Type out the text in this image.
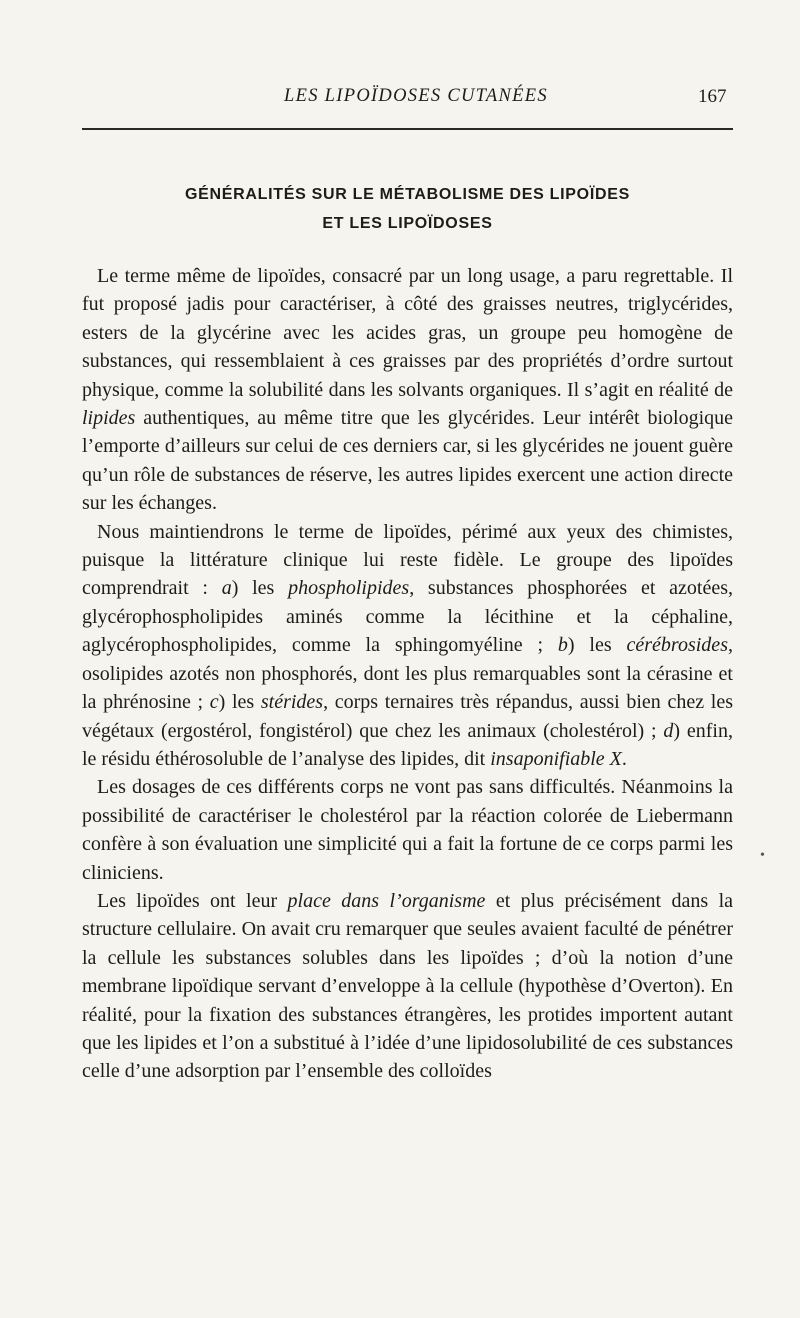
LES LIPOÏDOSES CUTANÉES	167
GÉNÉRALITÉS SUR LE MÉTABOLISME DES LIPOÏDES
ET LES LIPOÏDOSES

Le terme même de lipoïdes, consacré par un long usage, a paru regrettable. Il fut proposé jadis pour caractériser, à côté des graisses neutres, triglycérides, esters de la glycérine avec les acides gras, un groupe peu homogène de substances, qui ressemblaient à ces graisses par des propriétés d’ordre surtout physique, comme la solubilité dans les solvants organiques. Il s’agit en réalité de lipides authentiques, au même titre que les glycérides. Leur intérêt biologique l’emporte d’ailleurs sur celui de ces derniers car, si les glycérides ne jouent guère qu’un rôle de substances de réserve, les autres lipides exercent une action directe sur les échanges.

Nous maintiendrons le terme de lipoïdes, périmé aux yeux des chimistes, puisque la littérature clinique lui reste fidèle. Le groupe des lipoïdes comprendrait : a) les phospholipides, substances phosphorées et azotées, glycérophospholipides aminés comme la lécithine et la céphaline, aglycérophospholipides, comme la sphingomyéline ; b) les cérébrosides, osolipides azotés non phosphorés, dont les plus remarquables sont la cérasine et la phrénosine ; c) les stérides, corps ternaires très répandus, aussi bien chez les végétaux (ergostérol, fongistérol) que chez les animaux (cholestérol) ; d) enfin, le résidu éthérosoluble de l’analyse des lipides, dit insaponifiable X.

Les dosages de ces différents corps ne vont pas sans difficultés. Néanmoins la possibilité de caractériser le cholestérol par la réaction colorée de Liebermann confère à son évaluation une simplicité qui a fait la fortune de ce corps parmi les cliniciens.

Les lipoïdes ont leur place dans l’organisme et plus précisément dans la structure cellulaire. On avait cru remarquer que seules avaient faculté de pénétrer la cellule les substances solubles dans les lipoïdes ; d’où la notion d’une membrane lipoïdique servant d’enveloppe à la cellule (hypothèse d’Overton). En réalité, pour la fixation des substances étrangères, les protides importent autant que les lipides et l’on a substitué à l’idée d’une lipidosolubilité de ces substances celle d’une adsorption par l’ensemble des colloïdes

•
